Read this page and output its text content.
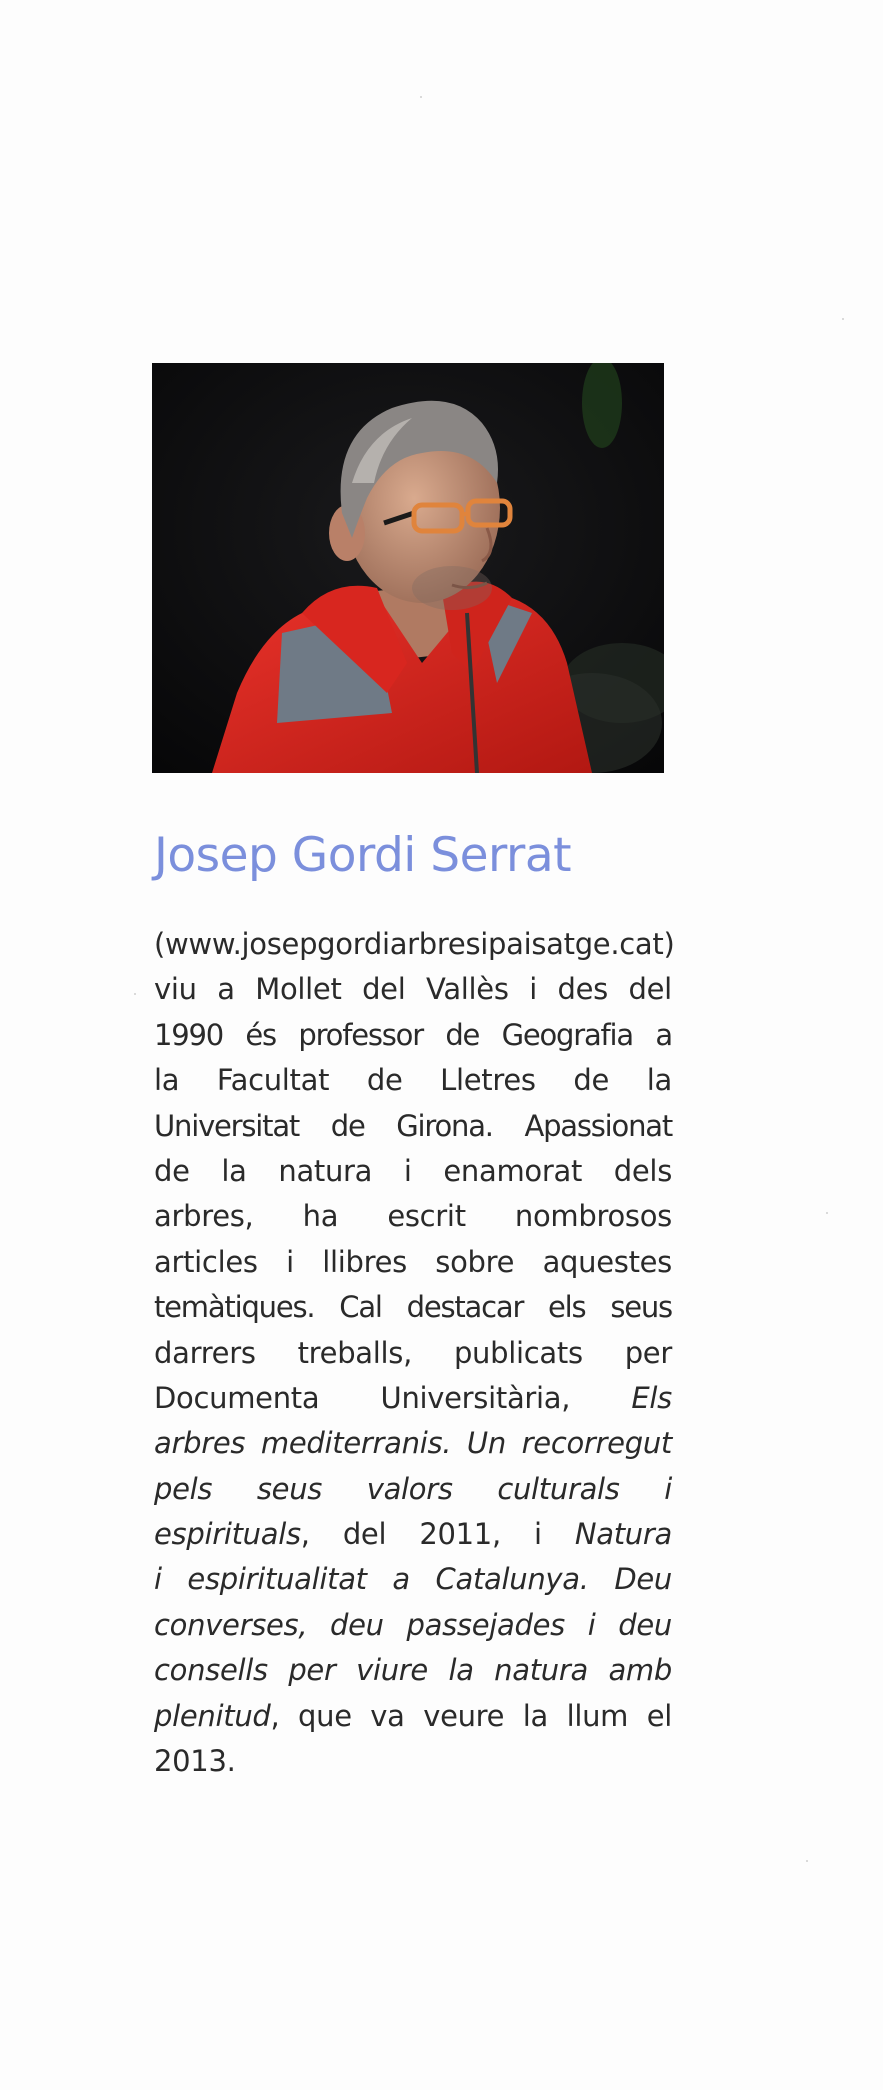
Josep Gordi Serrat
(www.josepgordiarbresipaisatge.cat)
viu a Mollet del Vallès i des del
1990 és professor de Geografia a
la Facultat de Lletres de la
Universitat de Girona. Apassionat
de la natura i enamorat dels
arbres, ha escrit nombrosos
articles i llibres sobre aquestes
temàtiques. Cal destacar els seus
darrers treballs, publicats per
Documenta Universitària, Els
arbres mediterranis. Un recorregut
pels seus valors culturals i
espirituals, del 2011, i Natura
i espiritualitat a Catalunya. Deu
converses, deu passejades i deu
consells per viure la natura amb
plenitud, que va veure la llum el
2013.
